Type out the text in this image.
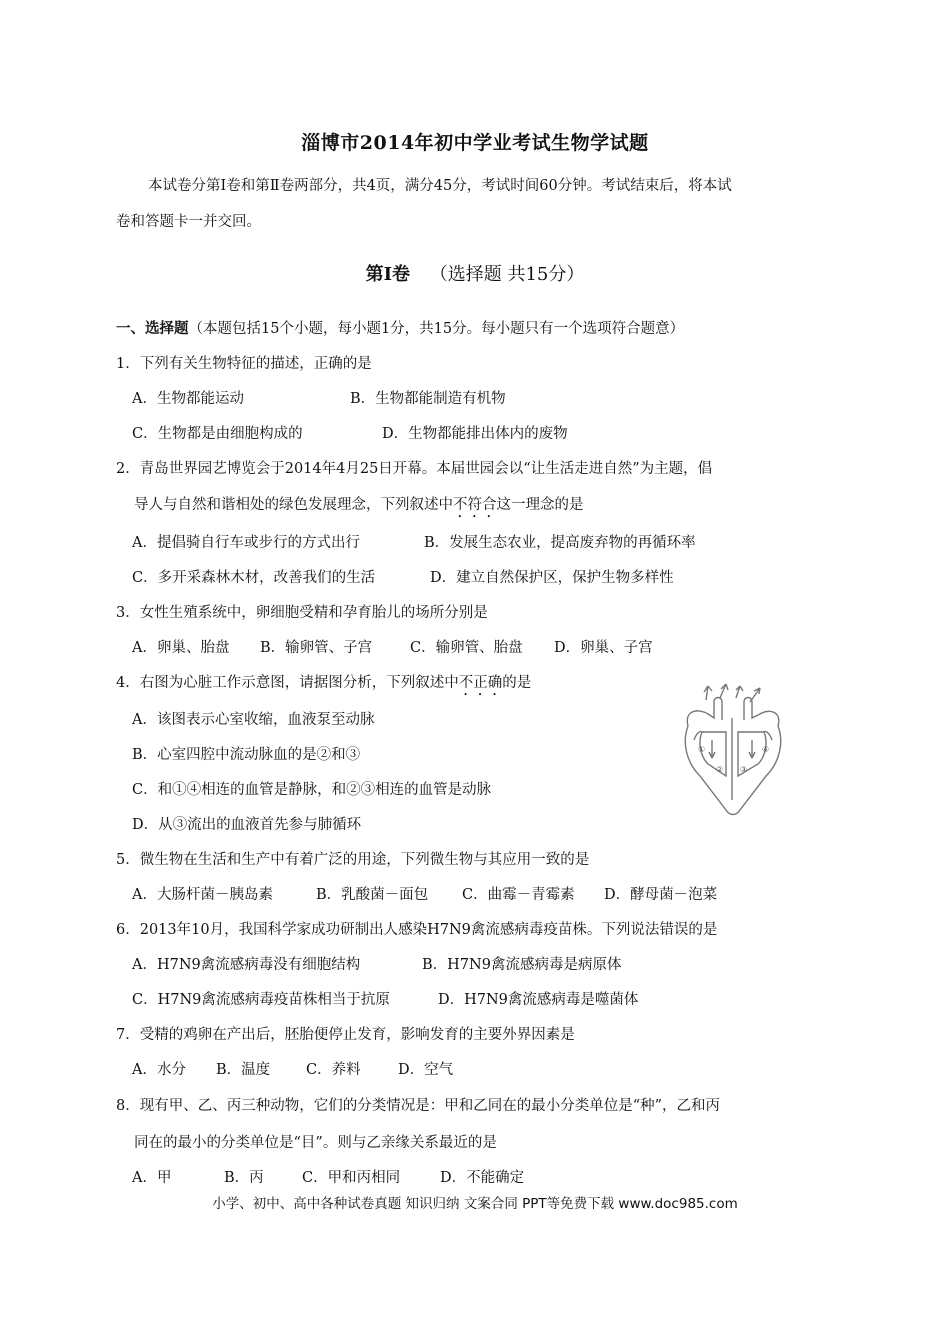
淄博市2014年初中学业考试生物学试题
本试卷分第Ⅰ卷和第Ⅱ卷两部分，共4页，满分45分，考试时间60分钟。考试结束后，将本试
卷和答题卡一并交回。
第Ⅰ卷 （选择题 共15分）
一、选择题（本题包括15个小题，每小题1分，共15分。每小题只有一个选项符合题意）
1．下列有关生物特征的描述，正确的是
A．生物都能运动	B．生物都能制造有机物
C．生物都是由细胞构成的	D．生物都能排出体内的废物
2．青岛世界园艺博览会于2014年4月25日开幕。本届世园会以“让生活走进自然”为主题，倡
导人与自然和谐相处的绿色发展理念，下列叙述中不符合这一理念的是
A．提倡骑自行车或步行的方式出行	B．发展生态农业，提高废弃物的再循环率
C．多开采森林木材，改善我们的生活	D．建立自然保护区，保护生物多样性
3．女性生殖系统中，卵细胞受精和孕育胎儿的场所分别是
A．卵巢、胎盘 B．输卵管、子宫	C．输卵管、胎盘 D．卵巢、子宫
4．右图为心脏工作示意图，请据图分析，下列叙述中不正确的是
A．该图表示心室收缩，血液泵至动脉
B．心室四腔中流动脉血的是②和③
C．和①④相连的血管是静脉，和②③相连的血管是动脉
D．从③流出的血液首先参与肺循环
①
② ③
④
5．微生物在生活和生产中有着广泛的用途，下列微生物与其应用一致的是
A．大肠杆菌－胰岛素	B．乳酸菌－面包 C．曲霉－青霉素 D．酵母菌－泡菜
6．2013年10月，我国科学家成功研制出人感染H7N9禽流感病毒疫苗株。下列说法错误的是
A．H7N9禽流感病毒没有细胞结构	B．H7N9禽流感病毒是病原体
C．H7N9禽流感病毒疫苗株相当于抗原	D．H7N9禽流感病毒是噬菌体
7．受精的鸡卵在产出后，胚胎便停止发育，影响发育的主要外界因素是
A．水分 B．温度 C．养料	D．空气
8．现有甲、乙、丙三种动物，它们的分类情况是：甲和乙同在的最小分类单位是“种”，乙和丙
同在的最小的分类单位是“目”。则与乙亲缘关系最近的是
A．甲	B．丙	C．甲和丙相同	D．不能确定
小学、初中、高中各种试卷真题 知识归纳 文案合同 PPT等免费下载 www.doc985.com
